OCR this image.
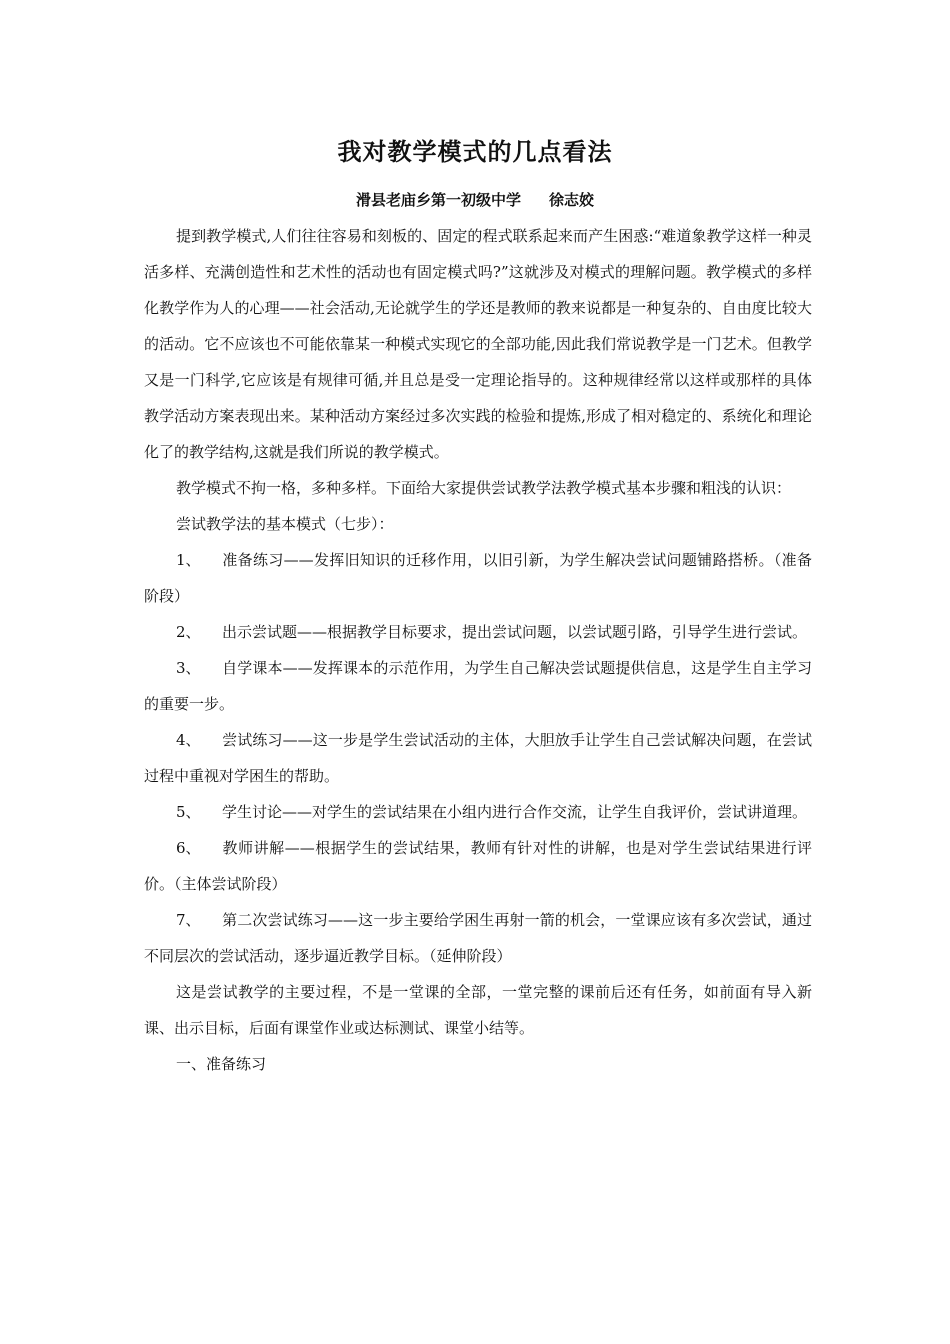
我对教学模式的几点看法
滑县老庙乡第一初级中学 徐志姣

提到教学模式,人们往往容易和刻板的、固定的程式联系起来而产生困惑:“难道象教学这样一种灵活多样、充满创造性和艺术性的活动也有固定模式吗?”这就涉及对模式的理解问题。教学模式的多样化教学作为人的心理——社会活动,无论就学生的学还是教师的教来说都是一种复杂的、自由度比较大的活动。它不应该也不可能依靠某一种模式实现它的全部功能,因此我们常说教学是一门艺术。但教学又是一门科学,它应该是有规律可循,并且总是受一定理论指导的。这种规律经常以这样或那样的具体教学活动方案表现出来。某种活动方案经过多次实践的检验和提炼,形成了相对稳定的、系统化和理论化了的教学结构,这就是我们所说的教学模式。

教学模式不拘一格，多种多样。下面给大家提供尝试教学法教学模式基本步骤和粗浅的认识：

尝试教学法的基本模式（七步）：

1、 准备练习——发挥旧知识的迁移作用，以旧引新，为学生解决尝试问题铺路搭桥。（准备阶段）

2、 出示尝试题——根据教学目标要求，提出尝试问题，以尝试题引路，引导学生进行尝试。

3、 自学课本——发挥课本的示范作用，为学生自己解决尝试题提供信息，这是学生自主学习的重要一步。

4、 尝试练习——这一步是学生尝试活动的主体，大胆放手让学生自己尝试解决问题，在尝试过程中重视对学困生的帮助。

5、 学生讨论——对学生的尝试结果在小组内进行合作交流，让学生自我评价，尝试讲道理。

6、 教师讲解——根据学生的尝试结果，教师有针对性的讲解，也是对学生尝试结果进行评价。（主体尝试阶段）

7、 第二次尝试练习——这一步主要给学困生再射一箭的机会，一堂课应该有多次尝试，通过不同层次的尝试活动，逐步逼近教学目标。（延伸阶段）

这是尝试教学的主要过程，不是一堂课的全部，一堂完整的课前后还有任务，如前面有导入新课、出示目标，后面有课堂作业或达标测试、课堂小结等。

一、准备练习
